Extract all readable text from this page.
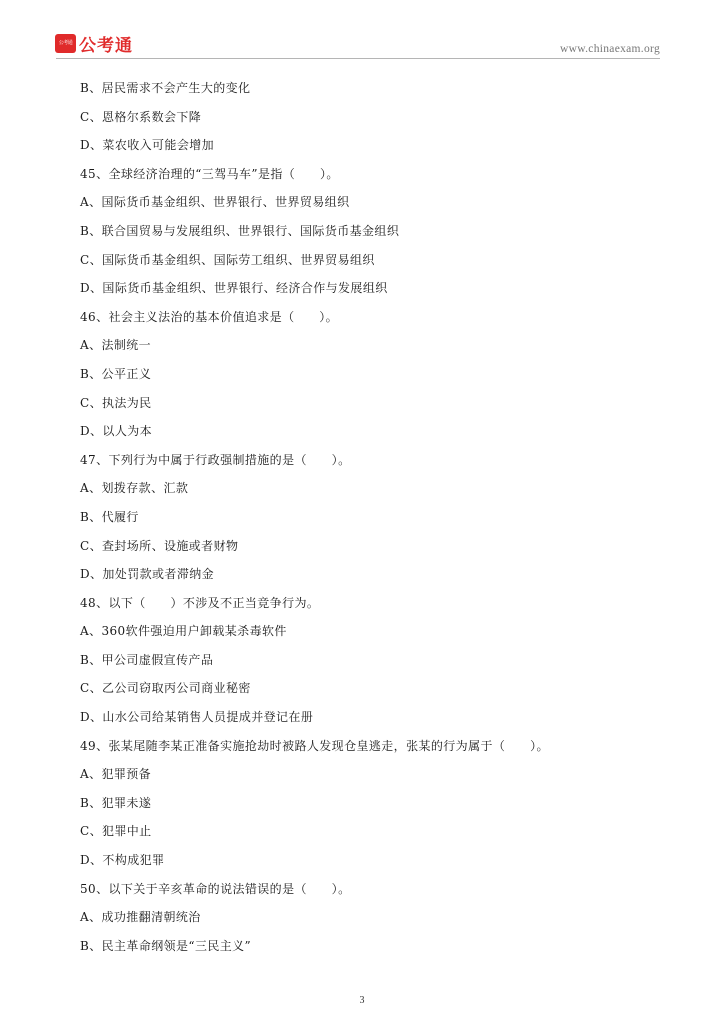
公考通 公考通	www.chinaexam.org
B、居民需求不会产生大的变化
C、恩格尔系数会下降
D、菜农收入可能会增加
45、全球经济治理的“三驾马车”是指（　　）。
A、国际货币基金组织、世界银行、世界贸易组织
B、联合国贸易与发展组织、世界银行、国际货币基金组织
C、国际货币基金组织、国际劳工组织、世界贸易组织
D、国际货币基金组织、世界银行、经济合作与发展组织
46、社会主义法治的基本价值追求是（　　）。
A、法制统一
B、公平正义
C、执法为民
D、以人为本
47、下列行为中属于行政强制措施的是（　　）。
A、划拨存款、汇款
B、代履行
C、查封场所、设施或者财物
D、加处罚款或者滞纳金
48、以下（　　）不涉及不正当竞争行为。
A、360软件强迫用户卸载某杀毒软件
B、甲公司虚假宣传产品
C、乙公司窃取丙公司商业秘密
D、山水公司给某销售人员提成并登记在册
49、张某尾随李某正准备实施抢劫时被路人发现仓皇逃走，张某的行为属于（　　）。
A、犯罪预备
B、犯罪未遂
C、犯罪中止
D、不构成犯罪
50、以下关于辛亥革命的说法错误的是（　　）。
A、成功推翻清朝统治
B、民主革命纲领是“三民主义”
3
